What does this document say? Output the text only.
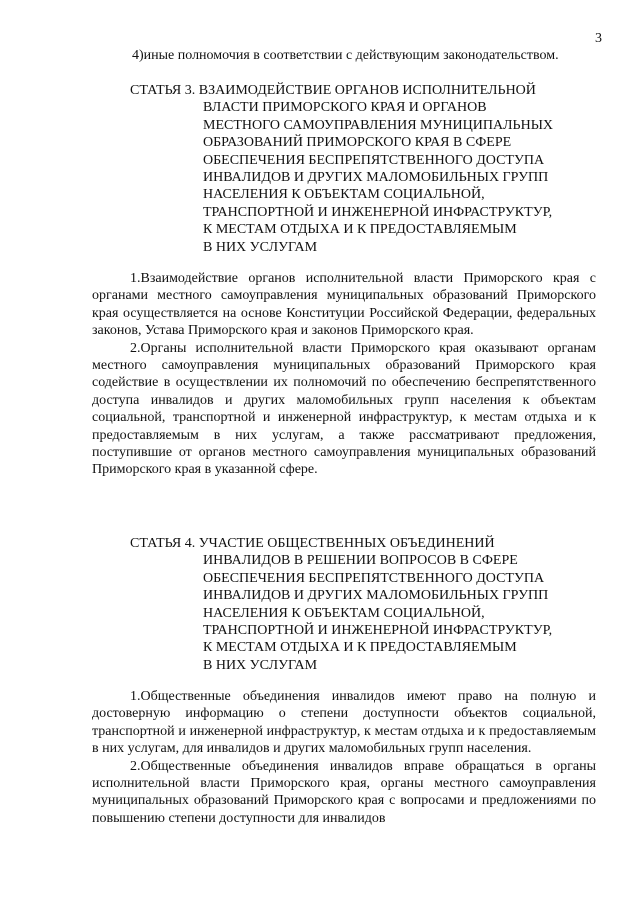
3
4)иные полномочия в соответствии с действующим законодательством.
СТАТЬЯ 3. ВЗАИМОДЕЙСТВИЕ ОРГАНОВ ИСПОЛНИТЕЛЬНОЙ
ВЛАСТИ ПРИМОРСКОГО КРАЯ И ОРГАНОВ
МЕСТНОГО САМОУПРАВЛЕНИЯ МУНИЦИПАЛЬНЫХ
ОБРАЗОВАНИЙ ПРИМОРСКОГО КРАЯ В СФЕРЕ
ОБЕСПЕЧЕНИЯ БЕСПРЕПЯТСТВЕННОГО ДОСТУПА
ИНВАЛИДОВ И ДРУГИХ МАЛОМОБИЛЬНЫХ ГРУПП
НАСЕЛЕНИЯ К ОБЪЕКТАМ СОЦИАЛЬНОЙ,
ТРАНСПОРТНОЙ И ИНЖЕНЕРНОЙ ИНФРАСТРУКТУР,
К МЕСТАМ ОТДЫХА И К ПРЕДОСТАВЛЯЕМЫМ
В НИХ УСЛУГАМ

1.Взаимодействие органов исполнительной власти Приморского края с органами местного самоуправления муниципальных образований Приморского края осуществляется на основе Конституции Российской Федерации, федеральных законов, Устава Приморского края и законов Приморского края.

2.Органы исполнительной власти Приморского края оказывают органам местного самоуправления муниципальных образований Приморского края содействие в осуществлении их полномочий по обеспечению беспрепятственного доступа инвалидов и других маломобильных групп населения к объектам социальной, транспортной и инженерной инфраструктур, к местам отдыха и к предоставляемым в них услугам, а также рассматривают предложения, поступившие от органов местного самоуправления муниципальных образований Приморского края в указанной сфере.

СТАТЬЯ 4. УЧАСТИЕ ОБЩЕСТВЕННЫХ ОБЪЕДИНЕНИЙ
ИНВАЛИДОВ В РЕШЕНИИ ВОПРОСОВ В СФЕРЕ
ОБЕСПЕЧЕНИЯ БЕСПРЕПЯТСТВЕННОГО ДОСТУПА
ИНВАЛИДОВ И ДРУГИХ МАЛОМОБИЛЬНЫХ ГРУПП
НАСЕЛЕНИЯ К ОБЪЕКТАМ СОЦИАЛЬНОЙ,
ТРАНСПОРТНОЙ И ИНЖЕНЕРНОЙ ИНФРАСТРУКТУР,
К МЕСТАМ ОТДЫХА И К ПРЕДОСТАВЛЯЕМЫМ
В НИХ УСЛУГАМ

1.Общественные объединения инвалидов имеют право на полную и достоверную информацию о степени доступности объектов социальной, транспортной и инженерной инфраструктур, к местам отдыха и к предоставляемым в них услугам, для инвалидов и других маломобильных групп населения.

2.Общественные объединения инвалидов вправе обращаться в органы исполнительной власти Приморского края, органы местного самоуправления муниципальных образований Приморского края с вопросами и предложениями по повышению степени доступности для инвалидов
